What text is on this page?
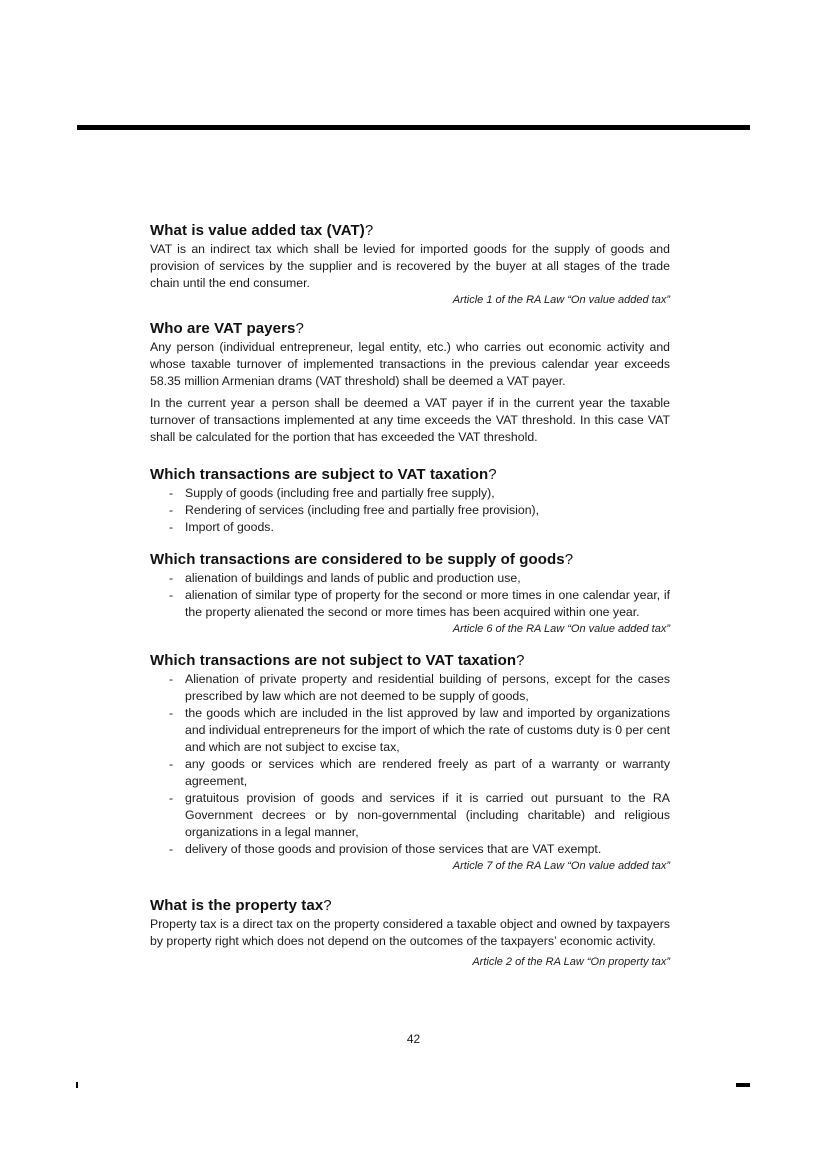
What is value added tax (VAT)?

VAT is an indirect tax which shall be levied for imported goods for the supply of goods and provision of services by the supplier and is recovered by the buyer at all stages of the trade chain until the end consumer.

Article 1 of the RA Law “On value added tax”

Who are VAT payers?

Any person (individual entrepreneur, legal entity, etc.) who carries out economic activity and whose taxable turnover of implemented transactions in the previous calendar year exceeds 58.35 million Armenian drams (VAT threshold) shall be deemed a VAT payer.

In the current year a person shall be deemed a VAT payer if in the current year the taxable turnover of transactions implemented at any time exceeds the VAT threshold. In this case VAT shall be calculated for the portion that has exceeded the VAT threshold.

Which transactions are subject to VAT taxation?
- Supply of goods (including free and partially free supply),
- Rendering of services (including free and partially free provision),
- Import of goods.
Which transactions are considered to be supply of goods?
- alienation of buildings and lands of public and production use,
- alienation of similar type of property for the second or more times in one calendar year, if the property alienated the second or more times has been acquired within one year.

Article 6 of the RA Law “On value added tax”

Which transactions are not subject to VAT taxation?
- Alienation of private property and residential building of persons, except for the cases prescribed by law which are not deemed to be supply of goods,
- the goods which are included in the list approved by law and imported by organizations and individual entrepreneurs for the import of which the rate of customs duty is 0 per cent and which are not subject to excise tax,
- any goods or services which are rendered freely as part of a warranty or warranty agreement,
- gratuitous provision of goods and services if it is carried out pursuant to the RA Government decrees or by non-governmental (including charitable) and religious organizations in a legal manner,
- delivery of those goods and provision of those services that are VAT exempt.

Article 7 of the RA Law “On value added tax”

What is the property tax?

Property tax is a direct tax on the property considered a taxable object and owned by taxpayers by property right which does not depend on the outcomes of the taxpayers’ economic activity.

Article 2 of the RA Law “On property tax”

42
